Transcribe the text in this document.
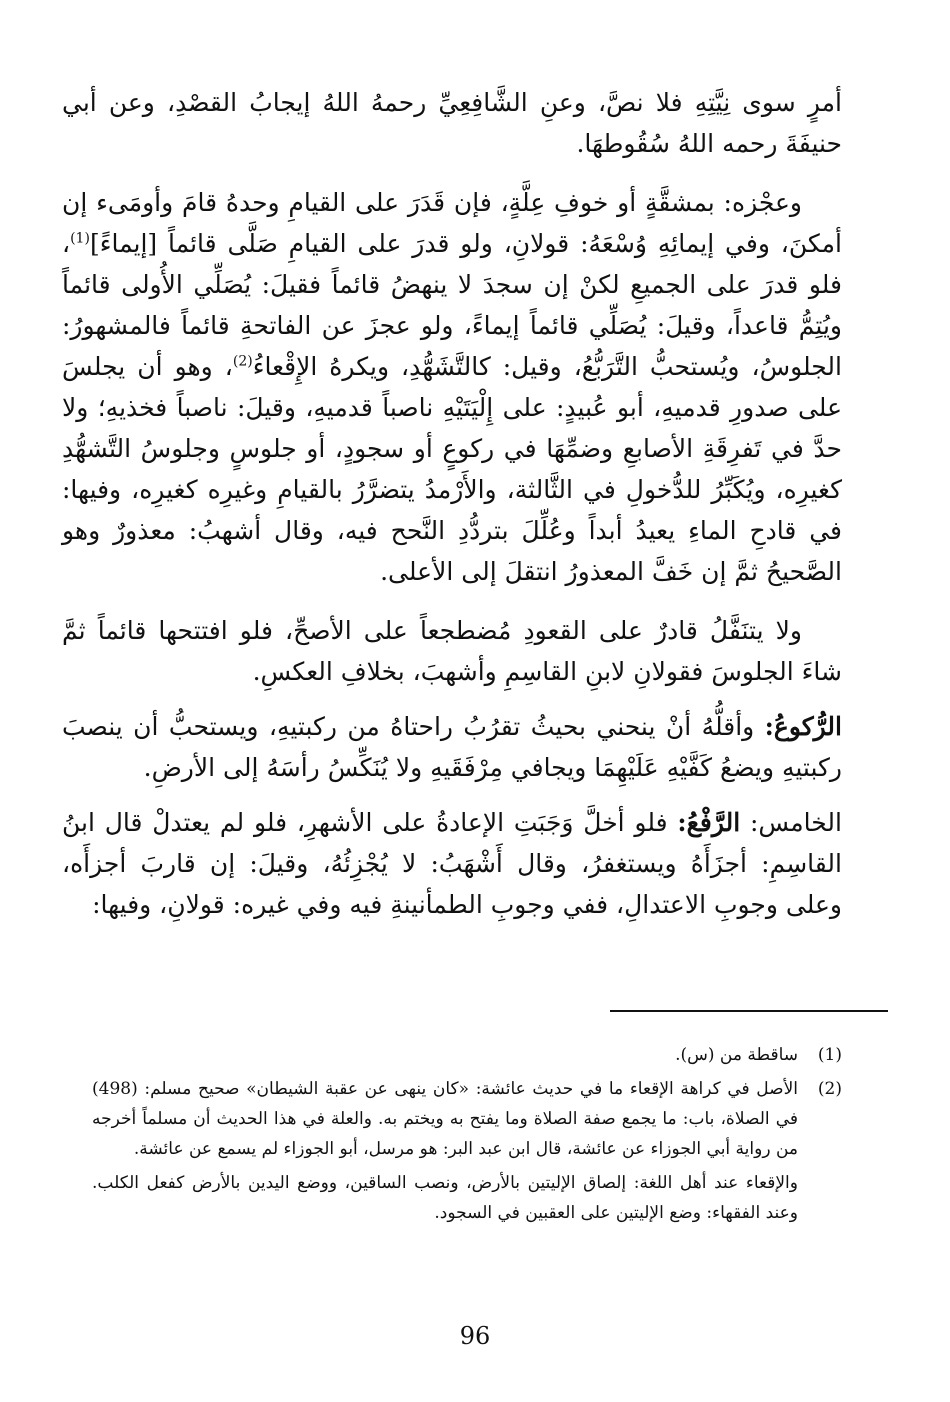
أمرٍ سوى نِيَّتِهِ فلا نصَّ، وعنِ الشَّافِعِيِّ رحمهُ اللهُ إيجابُ القصْدِ، وعن أبي حنيفَةَ رحمه اللهُ سُقُوطهَا.

وعجْزه: بمشقَّةٍ أو خوفِ عِلَّةٍ، فإن قَدَرَ على القيامِ وحدهُ قامَ وأومَىء إن أمكنَ، وفي إيمائِهِ وُسْعَهُ: قولانِ، ولو قدرَ على القيامِ صَلَّى قائماً [إيماءً]$^{(1)}$، فلو قدرَ على الجميعِ لكنْ إن سجدَ لا ينهضُ قائماً فقيلَ: يُصَلِّي الأُولى قائماً ويُتِمُّ قاعداً، وقيلَ: يُصَلِّي قائماً إيماءً، ولو عجزَ عن الفاتحةِ قائماً فالمشهورُ: الجلوسُ، ويُستحبُّ التَّرَبُّعُ، وقيل: كالتَّشَهُّدِ، ويكرهُ الإِقْعاءُ$^{(2)}$، وهو أن يجلسَ على صدورِ قدميهِ، أبو عُبيدٍ: على إِلْيَتَيْهِ ناصباً قدميهِ، وقيلَ: ناصباً فخذيهِ؛ ولا حدَّ في تَفرِقَةِ الأصابعِ وضمِّهَا في ركوعٍ أو سجودٍ، أو جلوسٍ وجلوسُ التَّشهُّدِ كغيرِه، ويُكَبِّرُ للدُّخولِ في الثَّالثة، والأَرْمدُ يتضرَّرُ بالقيامِ وغيرِه كغيرِه، وفيها: في قادحِ الماءِ يعيدُ أبداً وعُلِّلَ بتردُّدِ النَّحح فيه، وقال أشهبُ: معذورٌ وهو الصَّحيحُ ثمَّ إن خَفَّ المعذورُ انتقلَ إلى الأعلى.

ولا يتنَفَّلُ قادرٌ على القعودِ مُضطجعاً على الأصحِّ، فلو افتتحها قائماً ثمَّ شاءَ الجلوسَ فقولانِ لابنِ القاسِمِ وأشهبَ، بخلافِ العكسِ.

الرُّكوعُ: وأقلُّهُ أنْ ينحني بحيثُ تقرُبُ راحتاهُ من ركبتيهِ، ويستحبُّ أن ينصبَ ركبتيهِ ويضعُ كَفَّيْهِ عَلَيْهِمَا ويجافي مِرْفَقَيهِ ولا يُنَكِّسُ رأسَهُ إلى الأرضِ.

الخامس: الرَّفْعُ: فلو أخلَّ وَجَبَتِ الإعادةُ على الأشهرِ، فلو لم يعتدلْ قال ابنُ القاسِمِ: أجزَأَهُ ويستغفرُ، وقال أَشْهَبُ: لا يُجْزِئُهُ، وقيلَ: إن قاربَ أجزأَه، وعلى وجوبِ الاعتدالِ، ففي وجوبِ الطمأنينةِ فيه وفي غيره: قولانِ، وفيها:

(1)
ساقطة من (س).
(2)
الأصل في كراهة الإقعاء ما في حديث عائشة: «كان ينهى عن عقبة الشيطان» صحيح مسلم: (498) في الصلاة، باب: ما يجمع صفة الصلاة وما يفتح به ويختم به. والعلة في هذا الحديث أن مسلماً أخرجه من رواية أبي الجوزاء عن عائشة، قال ابن عبد البر: هو مرسل، أبو الجوزاء لم يسمع عن عائشة.
والإقعاء عند أهل اللغة: إلصاق الإليتين بالأرض، ونصب الساقين، ووضع اليدين بالأرض كفعل الكلب. وعند الفقهاء: وضع الإليتين على العقبين في السجود.
96
